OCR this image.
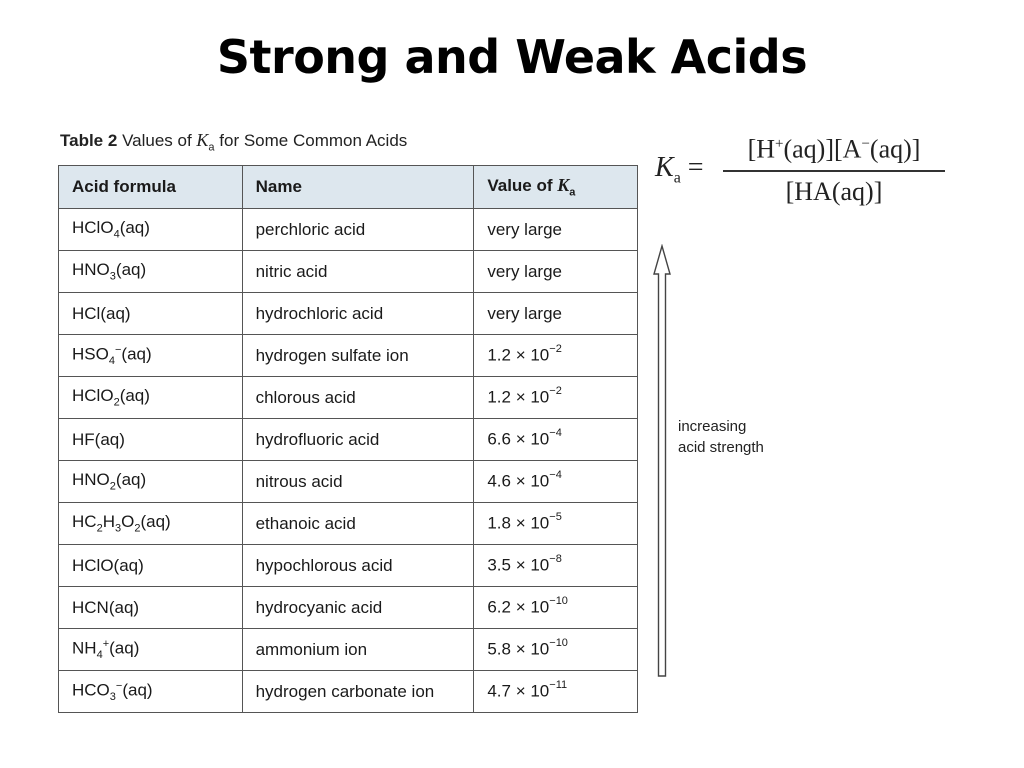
Strong and Weak Acids
Table 2 Values of $K_a$ for Some Common Acids
Acid formula	Name	Value of $K_a$
HClO$_4$(aq)	perchloric acid	very large
$HNO_3(aq)$	nitric acid	very large
HCl(aq)	hydrochloric acid	very large
$HSO_4^-(aq)$	hydrogen sulfate ion	$1.2 \times 10^{-2}$
HClO$_2$(aq)	chlorous acid	$1.2 \times 10^{-2}$
HF(aq)	hydrofluoric acid	$6.6 \times 10^{-4}$
$HNO_2(aq)$	nitrous acid	$4.6 \times 10^{-4}$
$HC_2H_3O_2(aq)$	ethanoic acid	$1.8 \times 10^{-5}$
HClO(aq)	hypochlorous acid	$3.5 \times 10^{-8}$
HCN(aq)	hydrocyanic acid	$6.2 \times 10^{-10}$
$NH_4^+(aq)$	ammonium ion	$5.8 \times 10^{-10}$
$HCO_3^-(aq)$	hydrogen carbonate ion	$4.7 \times 10^{-11}$
$K_a$ =
[H+(aq)][A−(aq)]
[HA(aq)]
increasing
acid strength
